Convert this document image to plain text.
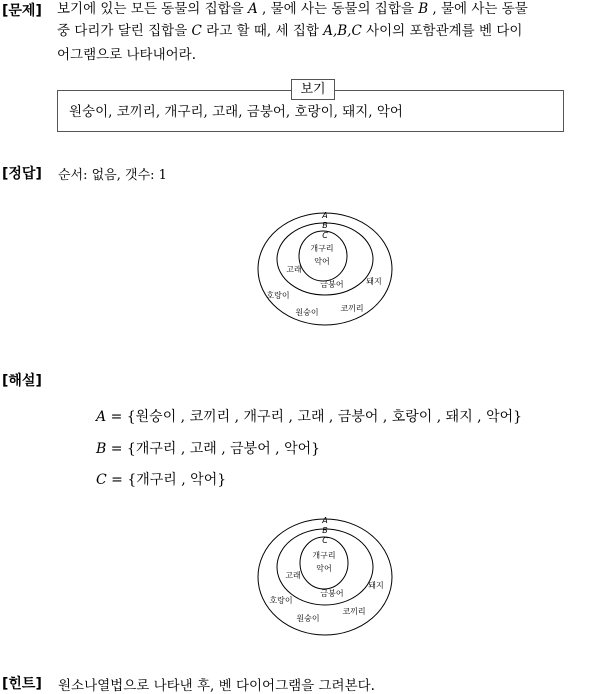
[문제] 보기에 있는 모든 동물의 집합을 A , 물에 사는 동물의 집합을 B , 물에 사는 동물
중 다리가 달린 집합을 C 라고 할 때, 세 집합 A,B,C 사이의 포함관계를 벤 다이
어그램으로 나타내어라.
원숭이, 코끼리, 개구리, 고래, 금붕어, 호랑이, 돼지, 악어
보기
[정답] 순서: 없음, 갯수: 1
A
B
C
개구리
악어
고래
금붕어
호랑이
돼지
원숭이	코끼리
[해설]
A = {원숭이 , 코끼리 , 개구리 , 고래 , 금붕어 , 호랑이 , 돼지 , 악어}
B = {개구리 , 고래 , 금붕어 , 악어}
C = {개구리 , 악어}
A
B
C
개구리
악어
고래
금붕어
호랑이
돼지
원숭이
코끼리
[힌트] 원소나열법으로 나타낸 후, 벤 다이어그램을 그려본다.
